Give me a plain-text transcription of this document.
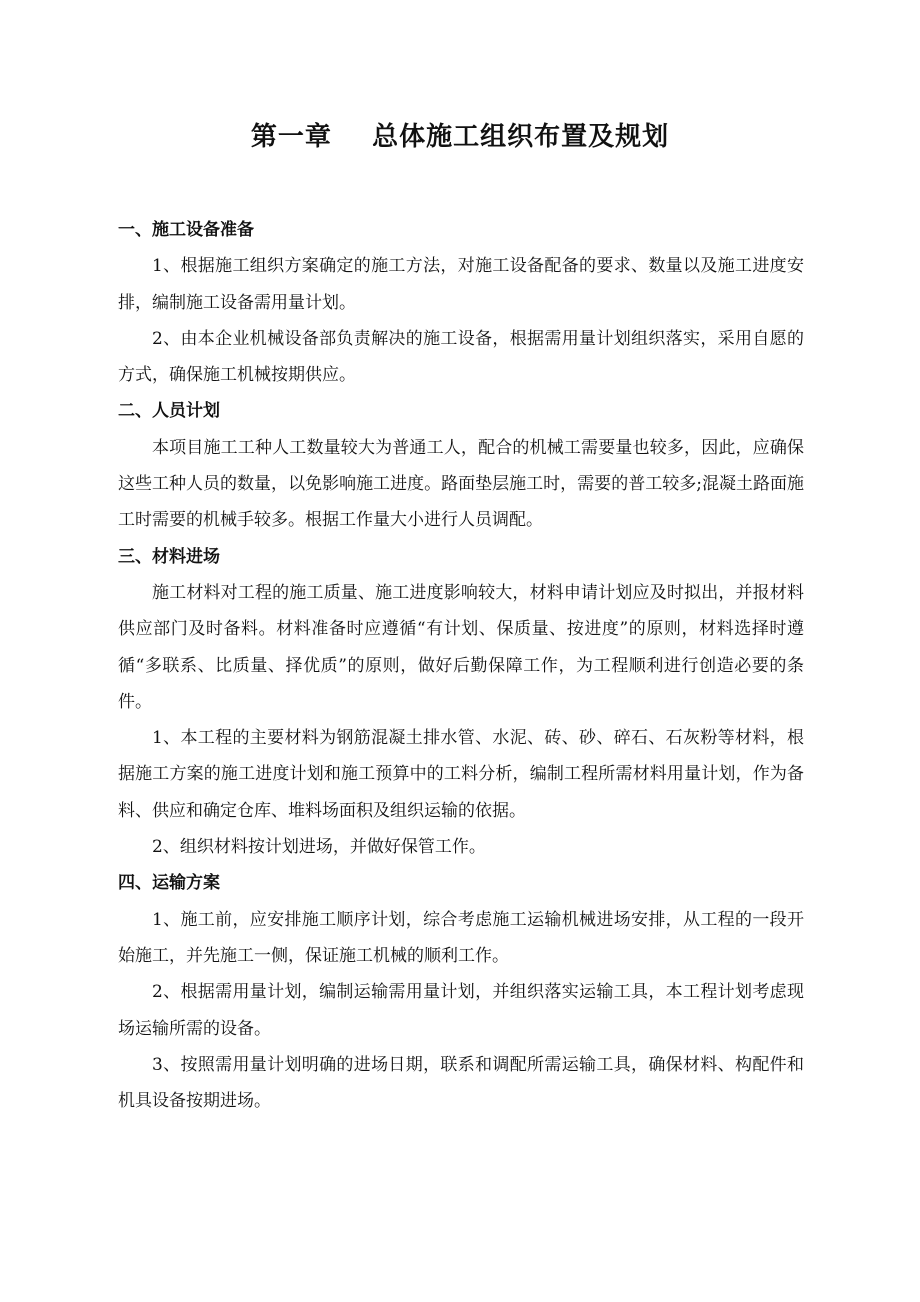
第一章    总体施工组织布置及规划

一、施工设备准备

1、根据施工组织方案确定的施工方法，对施工设备配备的要求、数量以及施工进度安排，编制施工设备需用量计划。

2、由本企业机械设备部负责解决的施工设备，根据需用量计划组织落实，采用自愿的方式，确保施工机械按期供应。

二、人员计划

本项目施工工种人工数量较大为普通工人，配合的机械工需要量也较多，因此，应确保这些工种人员的数量，以免影响施工进度。路面垫层施工时，需要的普工较多;混凝土路面施工时需要的机械手较多。根据工作量大小进行人员调配。

三、材料进场

施工材料对工程的施工质量、施工进度影响较大，材料申请计划应及时拟出，并报材料供应部门及时备料。材料准备时应遵循“有计划、保质量、按进度”的原则，材料选择时遵循“多联系、比质量、择优质”的原则，做好后勤保障工作，为工程顺利进行创造必要的条件。

1、本工程的主要材料为钢筋混凝土排水管、水泥、砖、砂、碎石、石灰粉等材料，根据施工方案的施工进度计划和施工预算中的工料分析，编制工程所需材料用量计划，作为备料、供应和确定仓库、堆料场面积及组织运输的依据。

2、组织材料按计划进场，并做好保管工作。

四、运输方案

1、施工前，应安排施工顺序计划，综合考虑施工运输机械进场安排，从工程的一段开始施工，并先施工一侧，保证施工机械的顺利工作。

2、根据需用量计划，编制运输需用量计划，并组织落实运输工具，本工程计划考虑现场运输所需的设备。

3、按照需用量计划明确的进场日期，联系和调配所需运输工具，确保材料、构配件和机具设备按期进场。
